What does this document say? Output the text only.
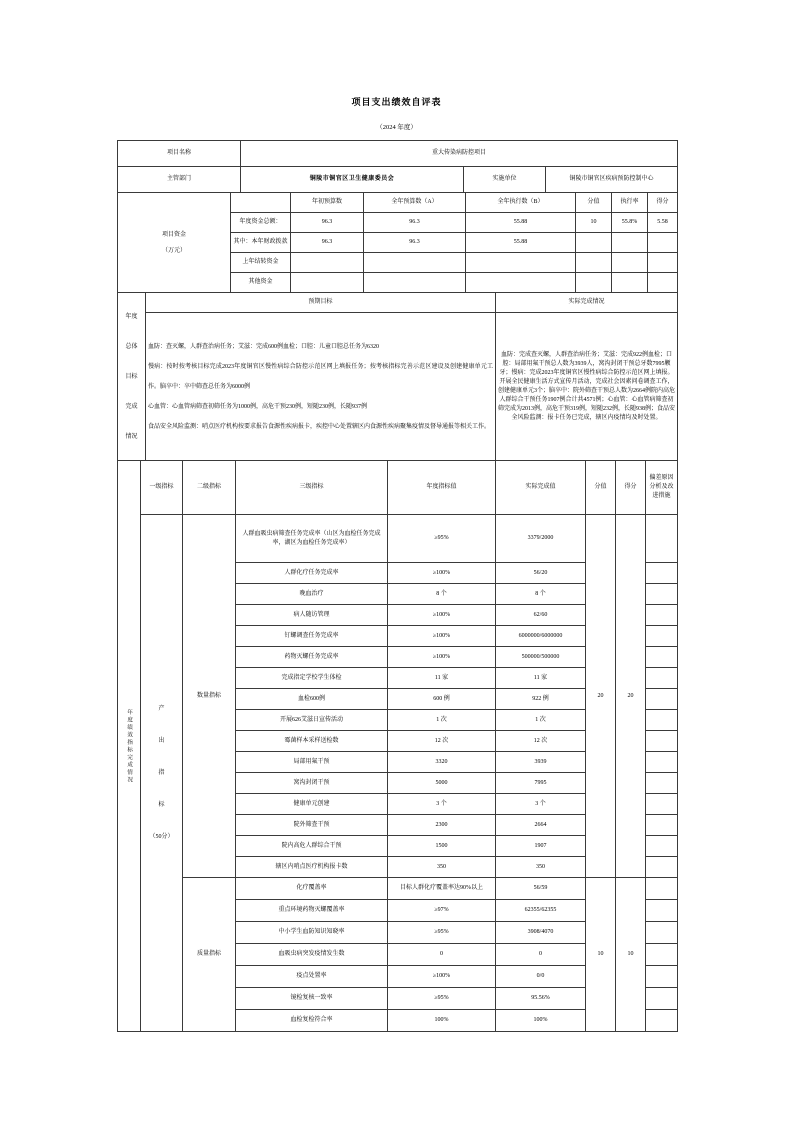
项目支出绩效自评表
（2024 年度）
项目名称	重大传染病防控项目		
主管部门	铜陵市铜官区卫生健康委员会	实施单位	铜陵市铜官区疾病预防控制中心
项目资金
（万元）		年初预算数	全年预算数（A）	全年执行数（B）	分值	执行率	得分
	年度资金总额：	96.3	96.3	55.88	10	55.8%	5.58
	其中：本年财政拨款	96.3	96.3	55.88			
	上年结转资金						
	其他资金						
年度
总体
目标
完成
情况	预期目标	实际完成情况

血防：查灭螺，人群查治病任务；艾滋：完成600例血检；口腔：儿童口腔总任务为6320

慢病：按时按考核目标完成2023年度铜官区慢性病综合防控示范区网上填报任务；按考核指标完善示范区建设及创建健康单元工作。脑卒中：卒中筛查总任务为6000例

心血管：心血管病筛查初筛任务为1000例，高危干预230例，短随230例，长随937例

食品安全风险监测：哨点医疗机构按要求报告食源性疾病报卡，疾控中心处置辖区内食源性疾病聚集疫情及督导通报等相关工作。

	血防：完成查灭螺，人群查治病任务；艾滋：完成922例血检；口腔：局部用氟干预总人数为3939人，窝沟封闭干预总牙数7995颗牙；慢病：完成2023年度铜官区慢性病综合防控示范区网上填报。开展全民健康生活方式宣传月活动，完成社会因素问卷调查工作，创建健康单元3个；脑卒中：院外筛查干预总人数为2664例院内高危人群综合干预任务1907例合计共4571例；心血管：心血管病筛查初筛完成为2013例，高危干预319例，短随232例，长随938例；食品安全风险监测：报卡任务已完成，辖区内疫情均及时处置。
年度绩效指标完成情况	一级指标	二级指标	三级指标	年度指标值	实际完成值	分值	得分	偏差原因分析及改进措施

	产
出
指
标
（50分）	数量指标	人群血吸虫病筛查任务完成率（山区为血检任务完成率，湖区为血检任务完成率）	≥95%	3379/2000	20	20	
			人群化疗任务完成率	≥100%	56/20			
			晚血治疗	8 个	8 个			
			病人随访管理	≥100%	62/60			
			钉螺调查任务完成率	≥100%	6000000/6000000			
			药物灭螺任务完成率	≥100%	500000/500000			
			完成指定学校学生体检	11 家	11 家			
			血检600例	600 例	922 例			
			开展626艾滋日宣传活动	1 次	1 次			
			霉菌样本采样送检数	12 次	12 次			
			局部用氟干预	3320	3939			
			窝沟封闭干预	5000	7995			
			健康单元创建	3 个	3 个			
			院外筛查干预	2300	2664			
			院内高危人群综合干预	1500	1907			
			辖区内哨点医疗机构报卡数	350	350			
		质量指标	化疗覆盖率	目标人群化疗覆盖率达90%以上	56/59	10	10	
			重点环境药物灭螺覆盖率	≥97%	62355/62355			
			中小学生血防知识知晓率	≥95%	3908/4070			
			血吸虫病突发疫情发生数	0	0			
			疫点处置率	≥100%	0/0			
			镜检复核一致率	≥95%	95.56%			
			血检复检符合率	100%	100%			
